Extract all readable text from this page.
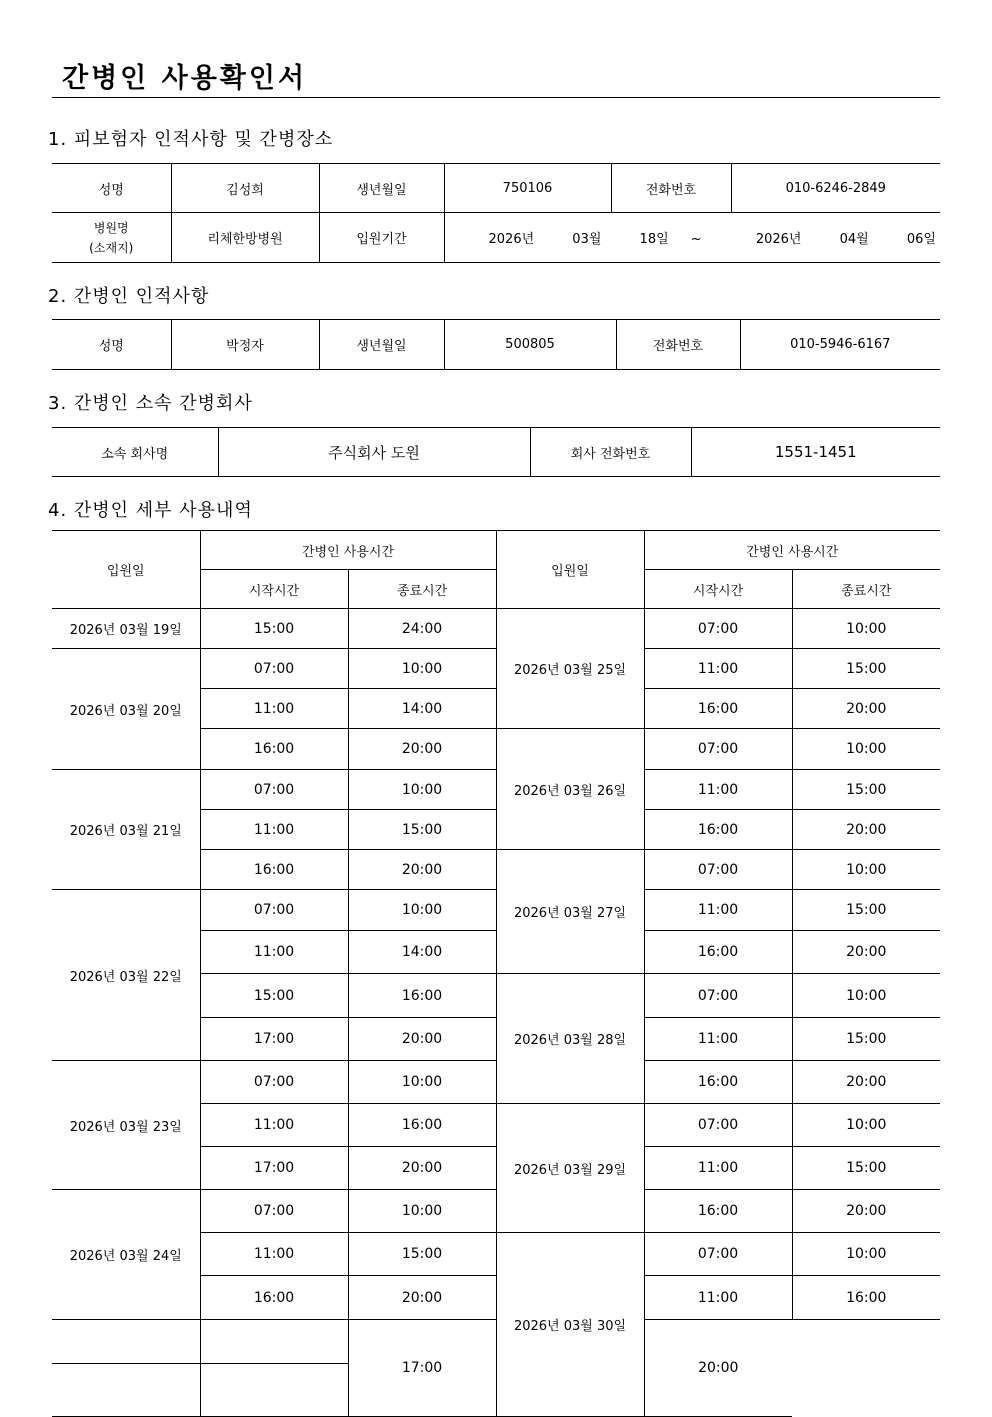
간병인 사용확인서
1. 피보험자 인적사항 및 간병장소
성명	김성희	생년월일	750106	전화번호	010-6246-2849

병원명
(소재지)	리체한방병원	입원기간	2026년 03월 18일 ~ 2026년 04월 06일		
2. 간병인 인적사항
성명	박정자	생년월일	500805	전화번호	010-5946-6167
3. 간병인 소속 간병회사
소속 회사명	주식회사 도원	회사 전화번호	1551-1451
4. 간병인 세부 사용내역
입원일	간병인 사용시간		입원일	간병인 사용시간	
	시작시간	종료시간		시작시간	종료시간
2026년 03월 19일	15:00	24:00	2026년 03월 25일	07:00	10:00
2026년 03월 20일	07:00	10:00		11:00	15:00
	11:00	14:00		16:00	20:00
	16:00	20:00	2026년 03월 26일	07:00	10:00
2026년 03월 21일	07:00	10:00		11:00	15:00
	11:00	15:00		16:00	20:00
	16:00	20:00	2026년 03월 27일	07:00	10:00
2026년 03월 22일	07:00	10:00		11:00	15:00
	11:00	14:00		16:00	20:00
	15:00	16:00	2026년 03월 28일	07:00	10:00
	17:00	20:00		11:00	15:00
2026년 03월 23일	07:00	10:00		16:00	20:00
	11:00	16:00	2026년 03월 29일	07:00	10:00
	17:00	20:00		11:00	15:00
2026년 03월 24일	07:00	10:00		16:00	20:00
	11:00	15:00	2026년 03월 30일	07:00	10:00
	16:00	20:00		11:00	16:00
		17:00		20:00	
